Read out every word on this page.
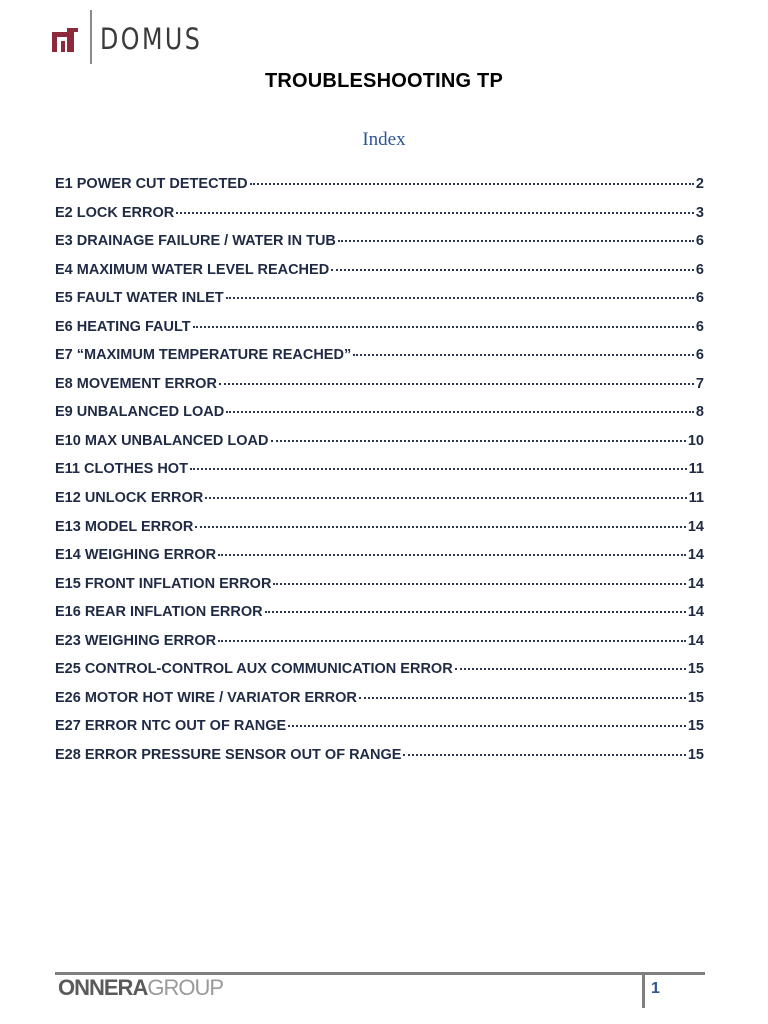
DOMUS
TROUBLESHOOTING TP
Index
E1 POWER CUT DETECTED	2
E2 LOCK ERROR	3
E3 DRAINAGE FAILURE / WATER IN TUB	6
E4 MAXIMUM WATER LEVEL REACHED	6
E5 FAULT WATER INLET	6
E6 HEATING FAULT	6
E7 “MAXIMUM TEMPERATURE REACHED”	6
E8 MOVEMENT ERROR	7
E9 UNBALANCED LOAD	8
E10 MAX UNBALANCED LOAD	10
E11 CLOTHES HOT	11
E12 UNLOCK ERROR	11
E13 MODEL ERROR	14
E14 WEIGHING ERROR	14
E15 FRONT INFLATION ERROR	14
E16 REAR INFLATION ERROR	14
E23 WEIGHING ERROR	14
E25 CONTROL-CONTROL AUX COMMUNICATION ERROR	15
E26 MOTOR HOT WIRE / VARIATOR ERROR	15
E27 ERROR NTC OUT OF RANGE	15
E28 ERROR PRESSURE SENSOR OUT OF RANGE	15
ONNERAGROUP	1
